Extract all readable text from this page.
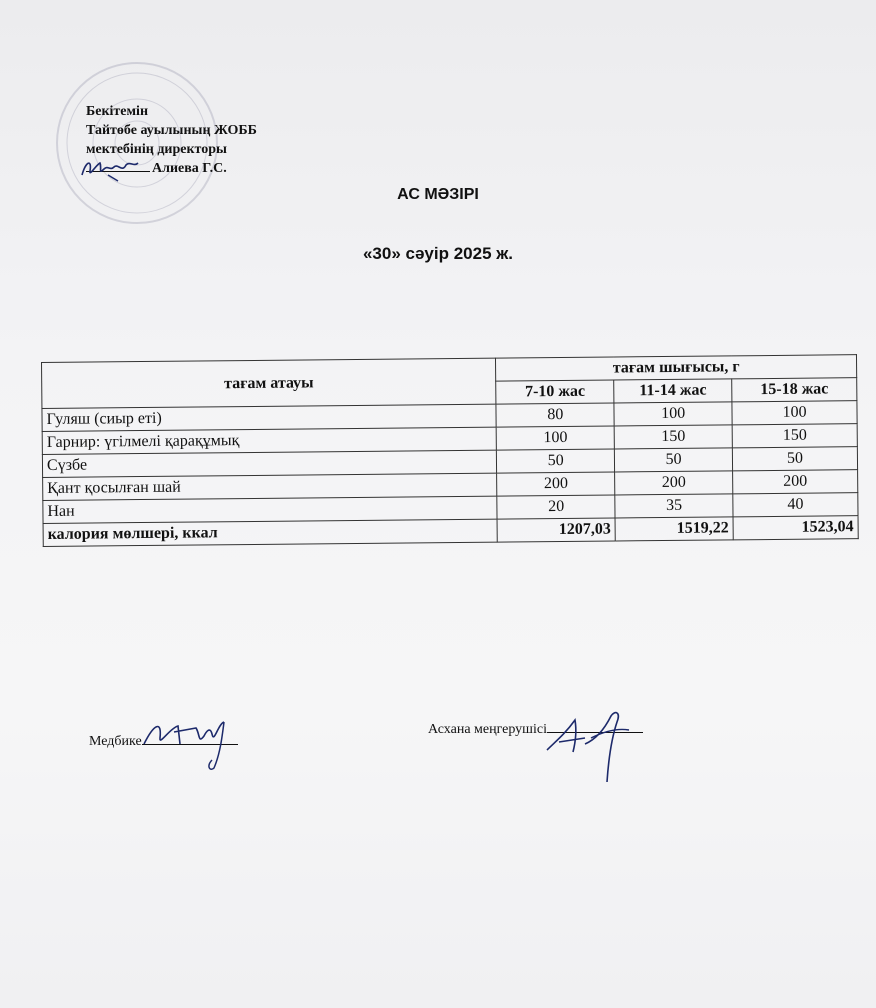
Бекітемін
Тайтөбе ауылының ЖОББ
мектебінің директоры
Алиева Г.С.
АС МӘЗІРІ
«30» сәуір 2025 ж.
тағам атауы	тағам шығысы, г		
	7-10 жас	11-14 жас	15-18 жас
Гуляш (сиыр еті)	80	100	100
Гарнир: үгілмелі қарақұмық	100	150	150
Сүзбе	50	50	50
Қант қосылған шай	200	200	200
Нан	20	35	40
калория мөлшері, ккал	1207,03	1519,22	1523,04
Медбике
Асхана меңгерушісі
